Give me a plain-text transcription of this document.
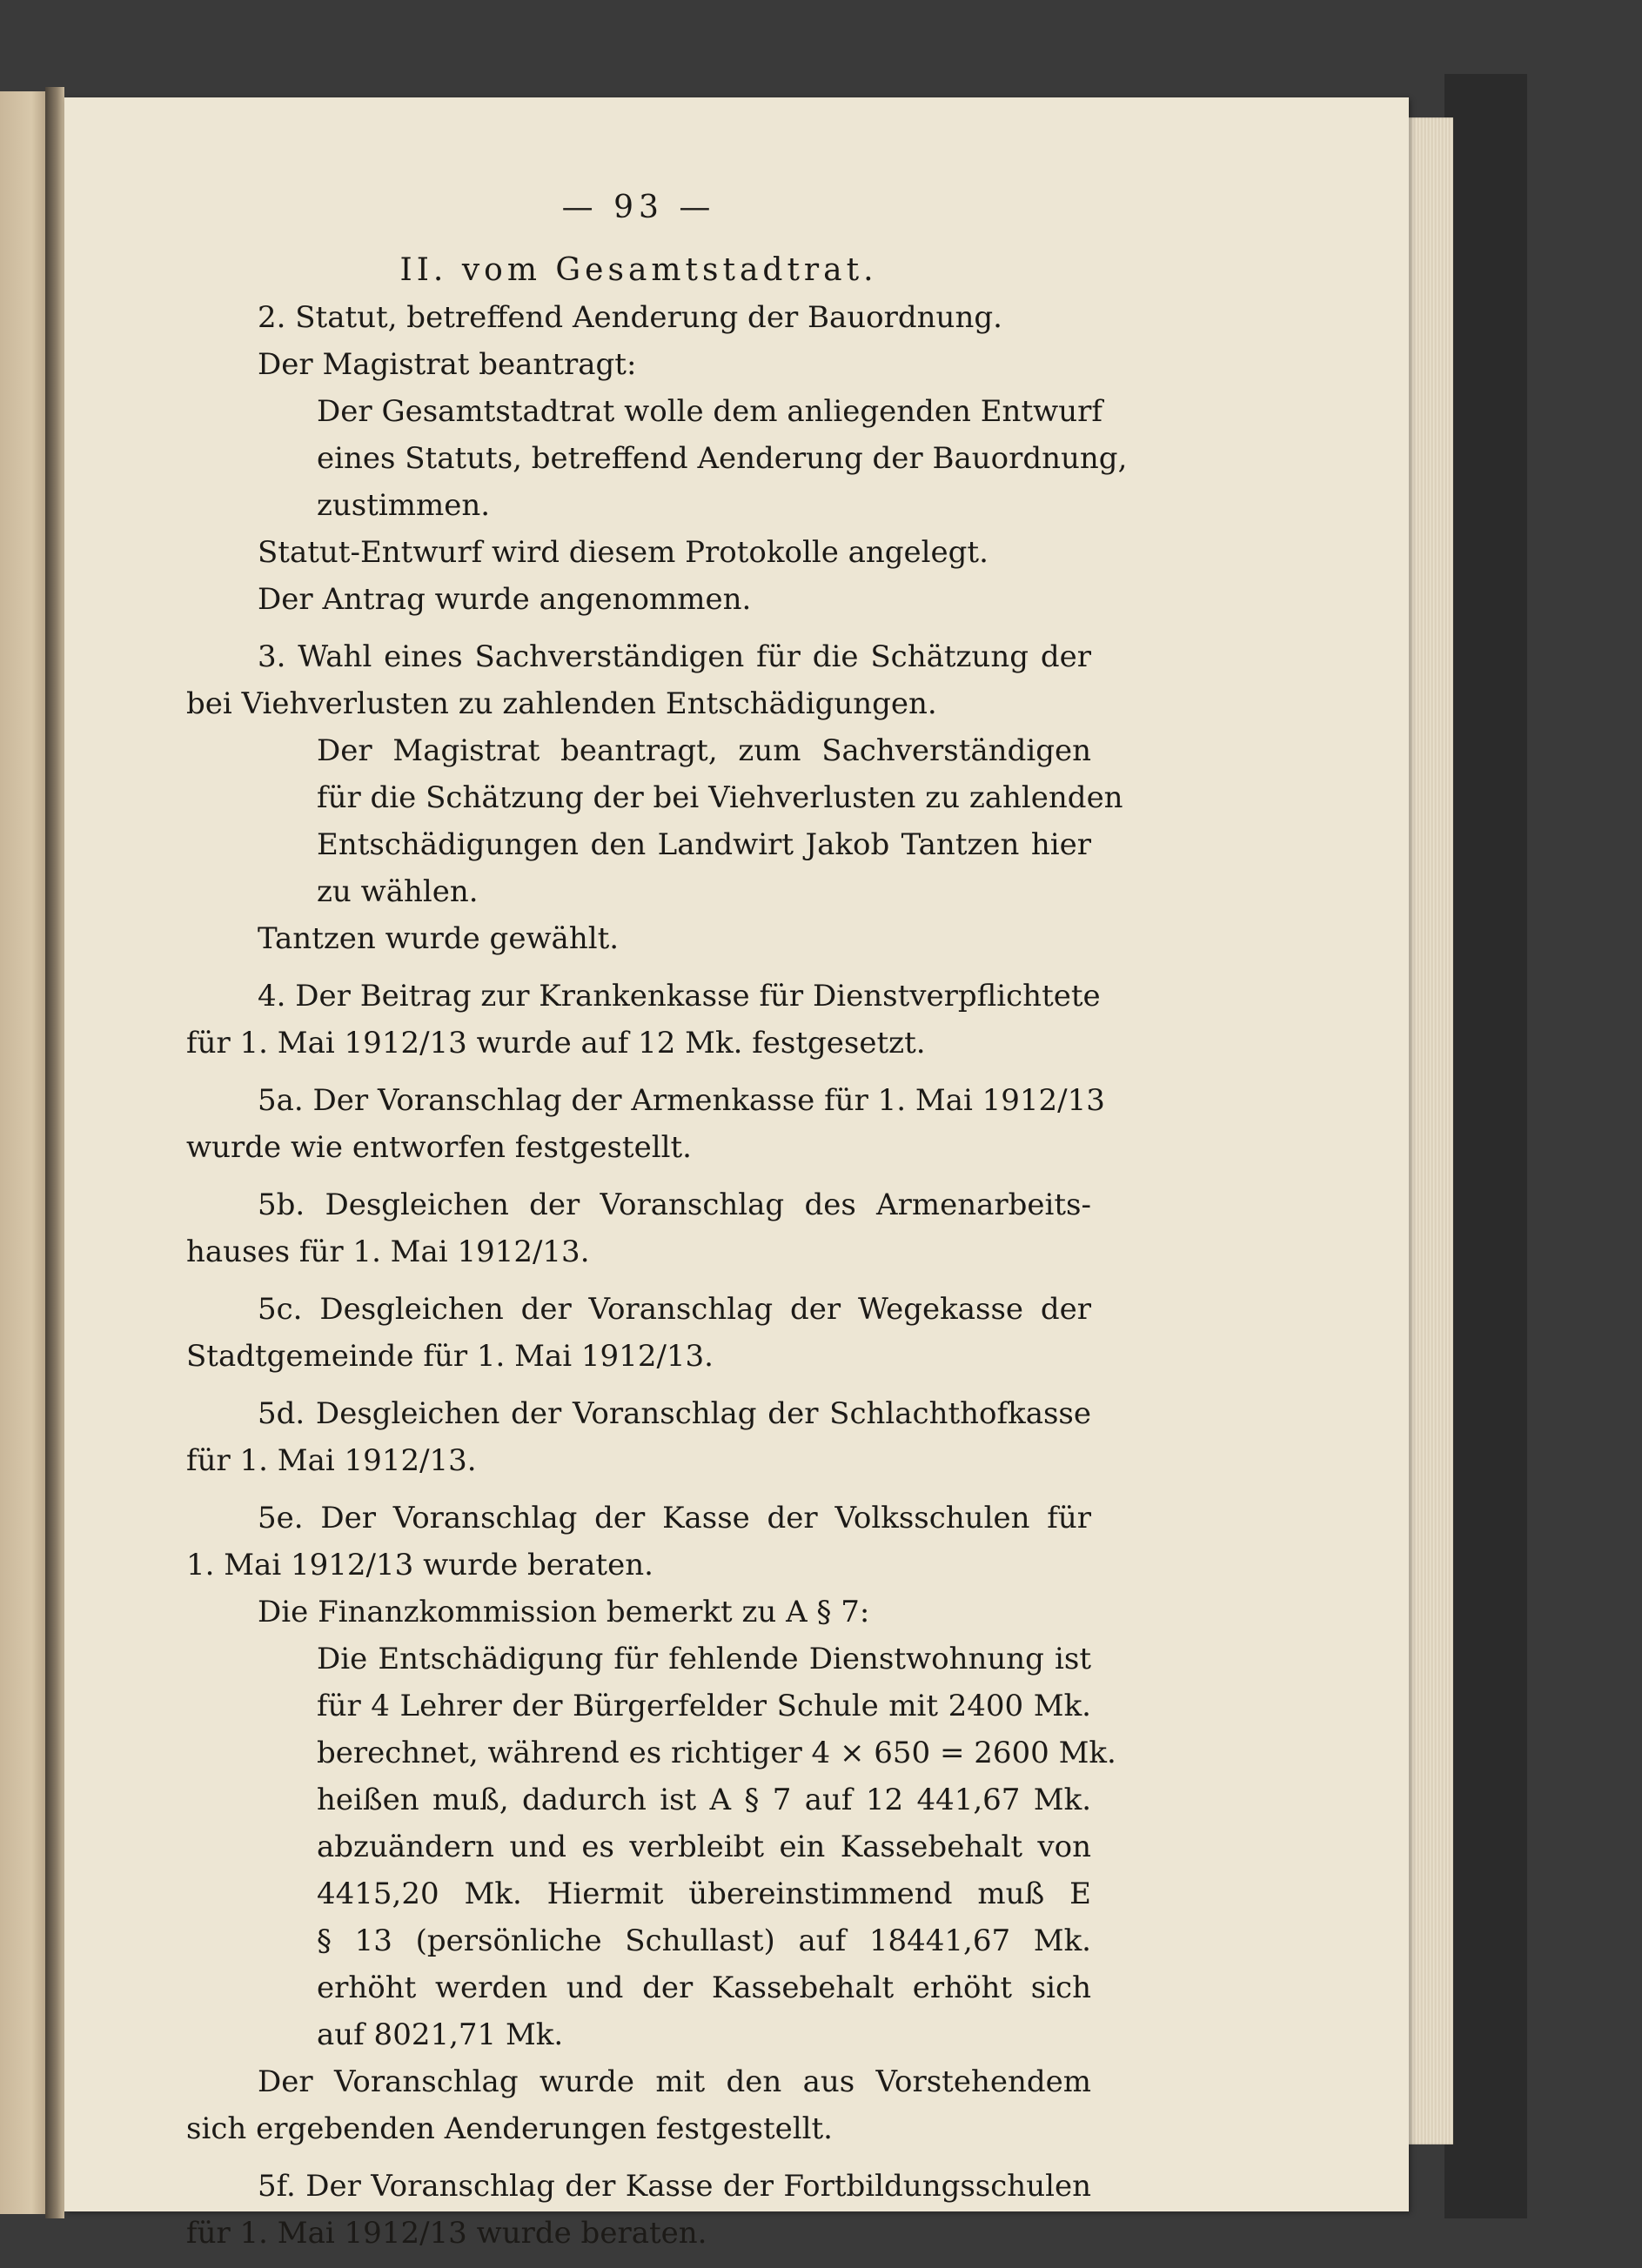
— 93 —
II. vom Gesamtstadtrat.
2. Statut, betreffend Aenderung der Bauordnung.
Der Magistrat beantragt:
Der Gesamtstadtrat wolle dem anliegenden Entwurf
eines Statuts, betreffend Aenderung der Bauordnung,
zustimmen.
Statut-Entwurf wird diesem Protokolle angelegt.
Der Antrag wurde angenommen.
3. Wahl eines Sachverständigen für die Schätzung der
bei Viehverlusten zu zahlenden Entschädigungen.
Der Magistrat beantragt, zum Sachverständigen
für die Schätzung der bei Viehverlusten zu zahlenden
Entschädigungen den Landwirt Jakob Tantzen hier
zu wählen.
Tantzen wurde gewählt.
4. Der Beitrag zur Krankenkasse für Dienstverpflichtete
für 1. Mai 1912/13 wurde auf 12 Mk. festgesetzt.
5a. Der Voranschlag der Armenkasse für 1. Mai 1912/13
wurde wie entworfen festgestellt.
5b. Desgleichen der Voranschlag des Armenarbeits-
hauses für 1. Mai 1912/13.
5c. Desgleichen der Voranschlag der Wegekasse der
Stadtgemeinde für 1. Mai 1912/13.
5d. Desgleichen der Voranschlag der Schlachthofkasse
für 1. Mai 1912/13.
5e. Der Voranschlag der Kasse der Volksschulen für
1. Mai 1912/13 wurde beraten.
Die Finanzkommission bemerkt zu A § 7:
Die Entschädigung für fehlende Dienstwohnung ist
für 4 Lehrer der Bürgerfelder Schule mit 2400 Mk.
berechnet, während es richtiger 4 × 650 = 2600 Mk.
heißen muß, dadurch ist A § 7 auf 12 441,67 Mk.
abzuändern und es verbleibt ein Kassebehalt von
4415,20 Mk. Hiermit übereinstimmend muß E
§ 13 (persönliche Schullast) auf 18441,67 Mk.
erhöht werden und der Kassebehalt erhöht sich
auf 8021,71 Mk.
Der Voranschlag wurde mit den aus Vorstehendem
sich ergebenden Aenderungen festgestellt.
5f. Der Voranschlag der Kasse der Fortbildungsschulen
für 1. Mai 1912/13 wurde beraten.
